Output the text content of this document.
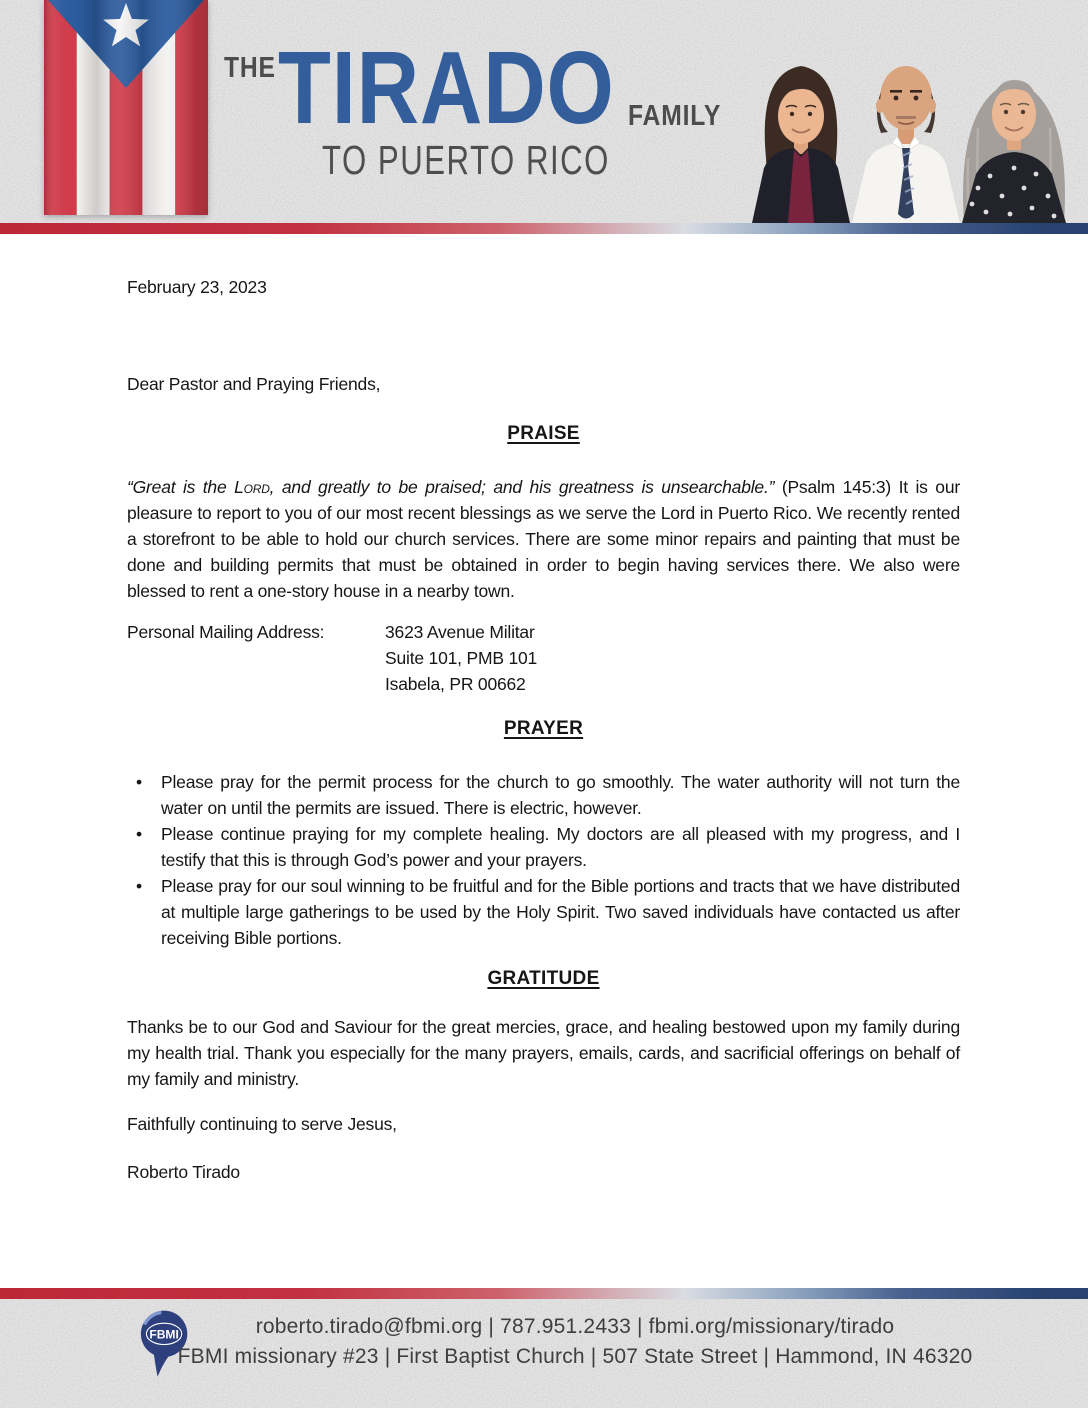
THE TIRADO FAMILY
TO PUERTO RICO

February 23, 2023

Dear Pastor and Praying Friends,

PRAISE

“Great is the Lord, and greatly to be praised; and his greatness is unsearchable.” (Psalm 145:3) It is our pleasure to report to you of our most recent blessings as we serve the Lord in Puerto Rico. We recently rented a storefront to be able to hold our church services. There are some minor repairs and painting that must be done and building permits that must be obtained in order to begin having services there. We also were blessed to rent a one-story house in a nearby town.

Personal Mailing Address:	3623 Avenue Militar
Suite 101, PMB 101
Isabela, PR 00662
PRAYER
• Please pray for the permit process for the church to go smoothly. The water authority will not turn the water on until the permits are issued. There is electric, however.
• Please continue praying for my complete healing. My doctors are all pleased with my progress, and I testify that this is through God’s power and your prayers.
• Please pray for our soul winning to be fruitful and for the Bible portions and tracts that we have distributed at multiple large gatherings to be used by the Holy Spirit. Two saved individuals have contacted us after receiving Bible portions.
GRATITUDE

Thanks be to our God and Saviour for the great mercies, grace, and healing bestowed upon my family during my health trial. Thank you especially for the many prayers, emails, cards, and sacrificial offerings on behalf of my family and ministry.

Faithfully continuing to serve Jesus,

Roberto Tirado

FBMI	roberto.tirado@fbmi.org | 787.951.2433 | fbmi.org/missionary/tirado
FBMI missionary #23 | First Baptist Church | 507 State Street | Hammond, IN 46320
